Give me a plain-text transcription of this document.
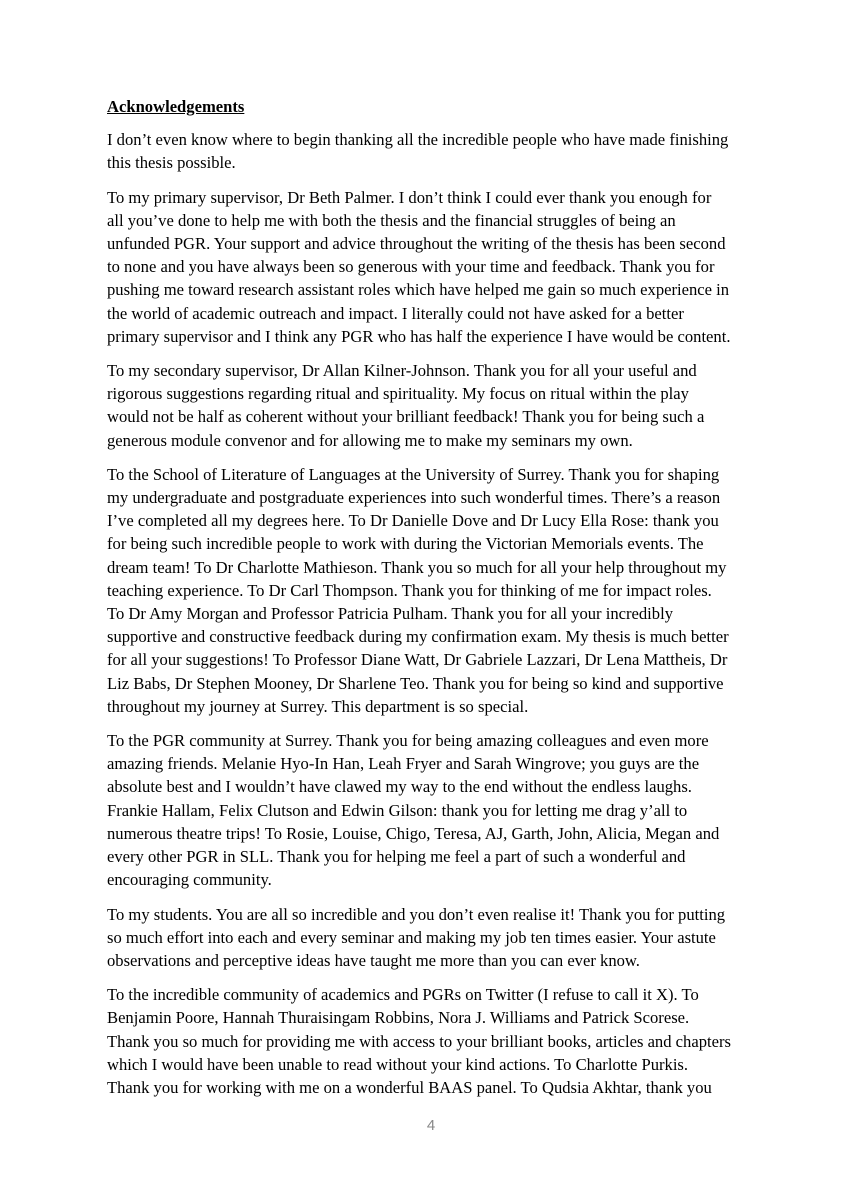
Acknowledgements

I don’t even know where to begin thanking all the incredible people who have made finishing
this thesis possible.

To my primary supervisor, Dr Beth Palmer. I don’t think I could ever thank you enough for
all you’ve done to help me with both the thesis and the financial struggles of being an
unfunded PGR. Your support and advice throughout the writing of the thesis has been second
to none and you have always been so generous with your time and feedback. Thank you for
pushing me toward research assistant roles which have helped me gain so much experience in
the world of academic outreach and impact. I literally could not have asked for a better
primary supervisor and I think any PGR who has half the experience I have would be content.

To my secondary supervisor, Dr Allan Kilner-Johnson. Thank you for all your useful and
rigorous suggestions regarding ritual and spirituality. My focus on ritual within the play
would not be half as coherent without your brilliant feedback! Thank you for being such a
generous module convenor and for allowing me to make my seminars my own.

To the School of Literature of Languages at the University of Surrey. Thank you for shaping
my undergraduate and postgraduate experiences into such wonderful times. There’s a reason
I’ve completed all my degrees here. To Dr Danielle Dove and Dr Lucy Ella Rose: thank you
for being such incredible people to work with during the Victorian Memorials events. The
dream team! To Dr Charlotte Mathieson. Thank you so much for all your help throughout my
teaching experience. To Dr Carl Thompson. Thank you for thinking of me for impact roles.
To Dr Amy Morgan and Professor Patricia Pulham. Thank you for all your incredibly
supportive and constructive feedback during my confirmation exam. My thesis is much better
for all your suggestions! To Professor Diane Watt, Dr Gabriele Lazzari, Dr Lena Mattheis, Dr
Liz Babs, Dr Stephen Mooney, Dr Sharlene Teo. Thank you for being so kind and supportive
throughout my journey at Surrey. This department is so special.

To the PGR community at Surrey. Thank you for being amazing colleagues and even more
amazing friends. Melanie Hyo-In Han, Leah Fryer and Sarah Wingrove; you guys are the
absolute best and I wouldn’t have clawed my way to the end without the endless laughs.
Frankie Hallam, Felix Clutson and Edwin Gilson: thank you for letting me drag y’all to
numerous theatre trips! To Rosie, Louise, Chigo, Teresa, AJ, Garth, John, Alicia, Megan and
every other PGR in SLL. Thank you for helping me feel a part of such a wonderful and
encouraging community.

To my students. You are all so incredible and you don’t even realise it! Thank you for putting
so much effort into each and every seminar and making my job ten times easier. Your astute
observations and perceptive ideas have taught me more than you can ever know.

To the incredible community of academics and PGRs on Twitter (I refuse to call it X). To
Benjamin Poore, Hannah Thuraisingam Robbins, Nora J. Williams and Patrick Scorese.
Thank you so much for providing me with access to your brilliant books, articles and chapters
which I would have been unable to read without your kind actions. To Charlotte Purkis.
Thank you for working with me on a wonderful BAAS panel. To Qudsia Akhtar, thank you

4
